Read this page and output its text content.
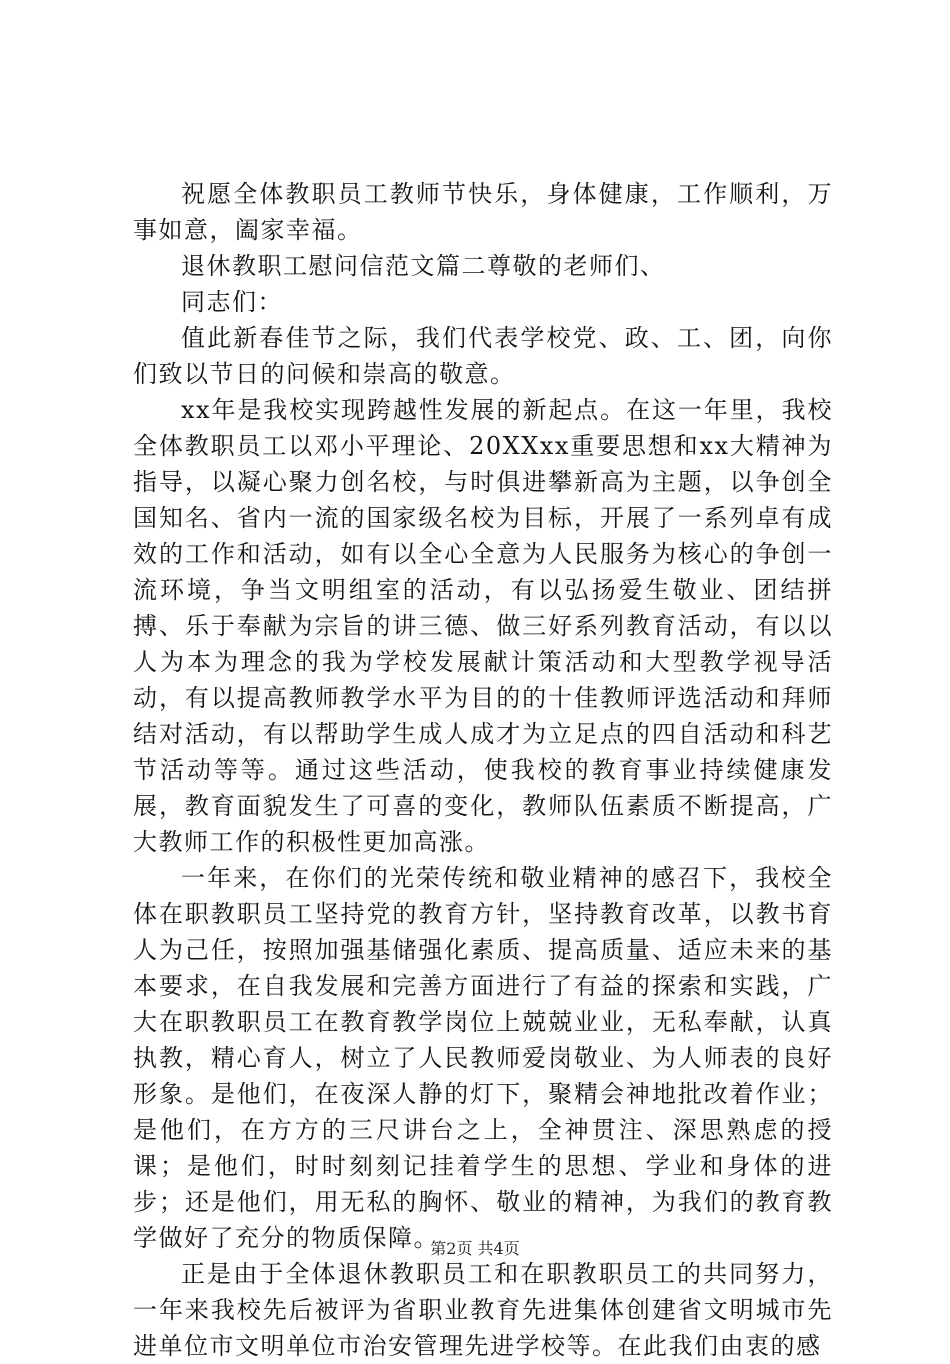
祝愿全体教职员工教师节快乐，身体健康，工作顺利，万事如意，阖家幸福。

退休教职工慰问信范文篇二尊敬的老师们、

同志们：

值此新春佳节之际，我们代表学校党、政、工、团，向你们致以节日的问候和崇高的敬意。

xx年是我校实现跨越性发展的新起点。在这一年里，我校全体教职员工以邓小平理论、20XXxx重要思想和xx大精神为指导，以凝心聚力创名校，与时俱进攀新高为主题，以争创全国知名、省内一流的国家级名校为目标，开展了一系列卓有成效的工作和活动，如有以全心全意为人民服务为核心的争创一流环境，争当文明组室的活动，有以弘扬爱生敬业、团结拼搏、乐于奉献为宗旨的讲三德、做三好系列教育活动，有以以人为本为理念的我为学校发展献计策活动和大型教学视导活动，有以提高教师教学水平为目的的十佳教师评选活动和拜师结对活动，有以帮助学生成人成才为立足点的四自活动和科艺节活动等等。通过这些活动，使我校的教育事业持续健康发展，教育面貌发生了可喜的变化，教师队伍素质不断提高，广大教师工作的积极性更加高涨。

一年来，在你们的光荣传统和敬业精神的感召下，我校全体在职教职员工坚持党的教育方针，坚持教育改革，以教书育人为己任，按照加强基储强化素质、提高质量、适应未来的基本要求，在自我发展和完善方面进行了有益的探索和实践，广大在职教职员工在教育教学岗位上兢兢业业，无私奉献，认真执教，精心育人，树立了人民教师爱岗敬业、为人师表的良好形象。是他们，在夜深人静的灯下，聚精会神地批改着作业；是他们，在方方的三尺讲台之上，全神贯注、深思熟虑的授课；是他们，时时刻刻记挂着学生的思想、学业和身体的进步；还是他们，用无私的胸怀、敬业的精神，为我们的教育教学做好了充分的物质保障。

正是由于全体退休教职员工和在职教职员工的共同努力，一年来我校先后被评为省职业教育先进集体创建省文明城市先进单位市文明单位市治安管理先进学校等。在此我们由衷的感

第2页 共4页
